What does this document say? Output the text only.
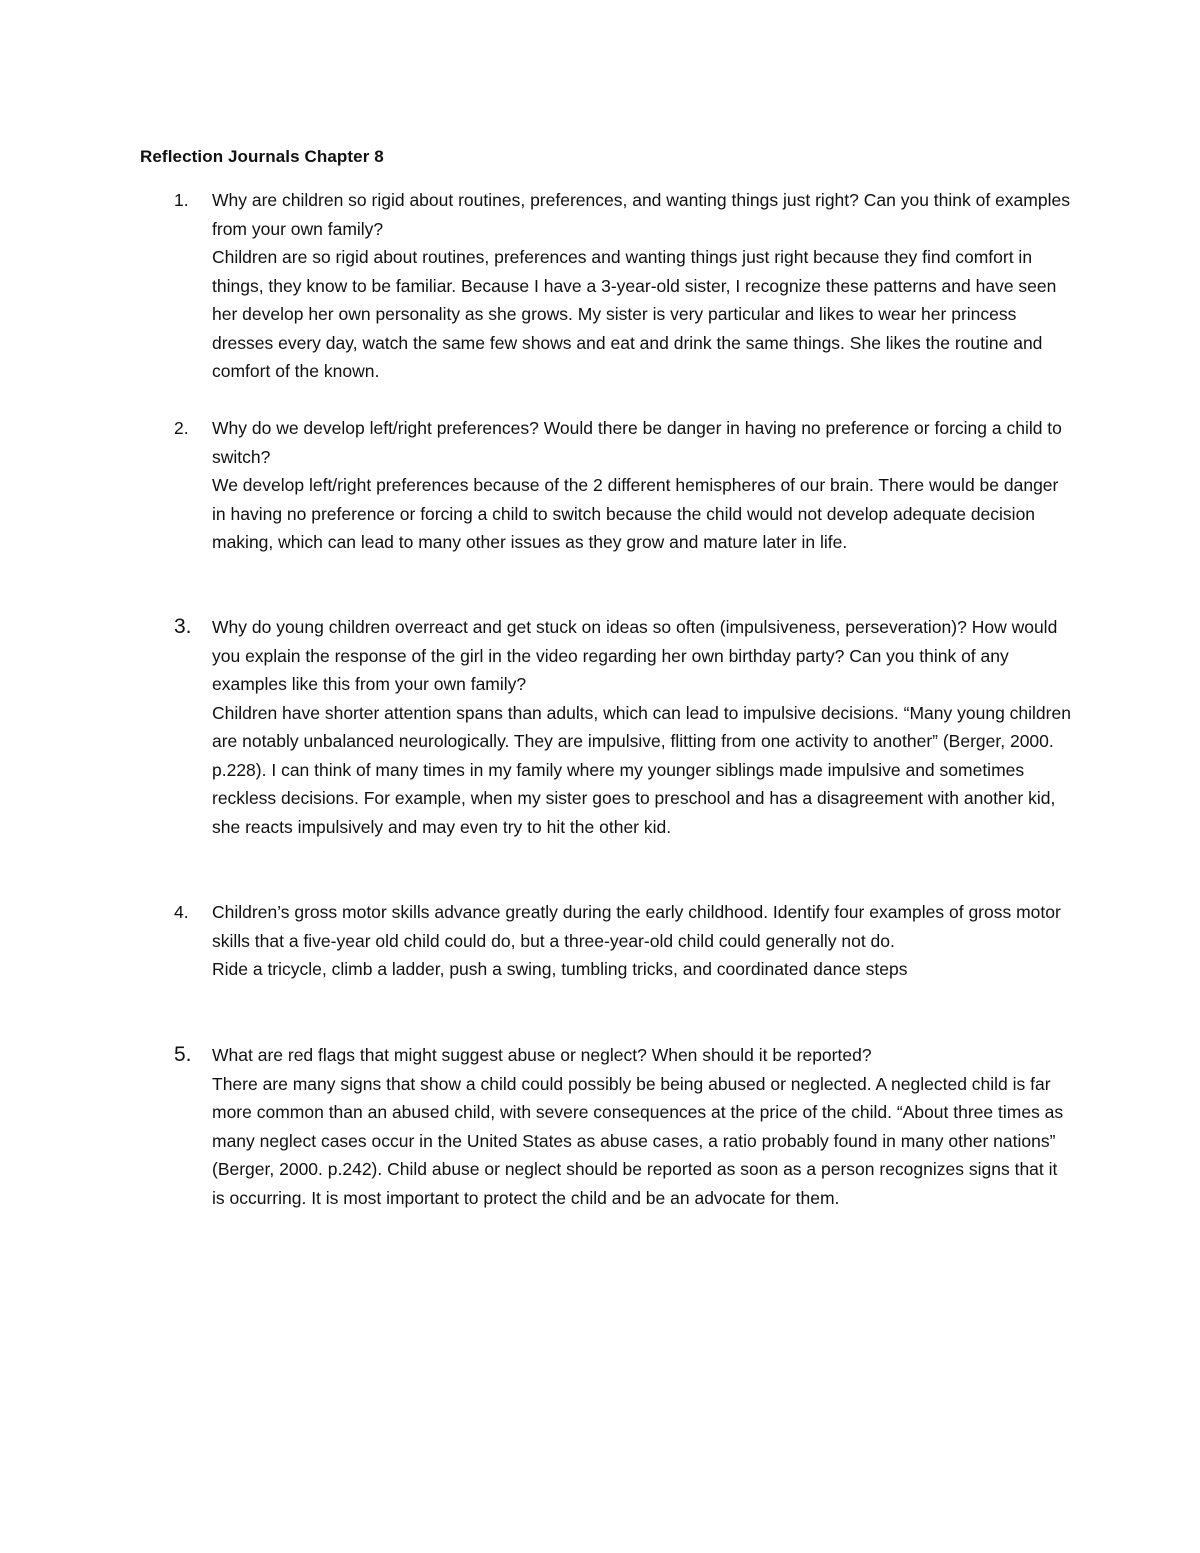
Reflection Journals Chapter 8
1. Why are children so rigid about routines, preferences, and wanting things just right? Can you think of examples from your own family?

Children are so rigid about routines, preferences and wanting things just right because they find comfort in things, they know to be familiar. Because I have a 3-year-old sister, I recognize these patterns and have seen her develop her own personality as she grows. My sister is very particular and likes to wear her princess dresses every day, watch the same few shows and eat and drink the same things. She likes the routine and comfort of the known.

2. Why do we develop left/right preferences? Would there be danger in having no preference or forcing a child to switch?

We develop left/right preferences because of the 2 different hemispheres of our brain. There would be danger in having no preference or forcing a child to switch because the child would not develop adequate decision making, which can lead to many other issues as they grow and mature later in life.

3. Why do young children overreact and get stuck on ideas so often (impulsiveness, perseveration)? How would you explain the response of the girl in the video regarding her own birthday party? Can you think of any examples like this from your own family?

Children have shorter attention spans than adults, which can lead to impulsive decisions. “Many young children are notably unbalanced neurologically. They are impulsive, flitting from one activity to another” (Berger, 2000. p.228). I can think of many times in my family where my younger siblings made impulsive and sometimes reckless decisions. For example, when my sister goes to preschool and has a disagreement with another kid, she reacts impulsively and may even try to hit the other kid.

4. Children’s gross motor skills advance greatly during the early childhood. Identify four examples of gross motor skills that a five-year old child could do, but a three-year-old child could generally not do.

Ride a tricycle, climb a ladder, push a swing, tumbling tricks, and coordinated dance steps

5. What are red flags that might suggest abuse or neglect? When should it be reported?

There are many signs that show a child could possibly be being abused or neglected. A neglected child is far more common than an abused child, with severe consequences at the price of the child. “About three times as many neglect cases occur in the United States as abuse cases, a ratio probably found in many other nations” (Berger, 2000. p.242). Child abuse or neglect should be reported as soon as a person recognizes signs that it is occurring. It is most important to protect the child and be an advocate for them.
